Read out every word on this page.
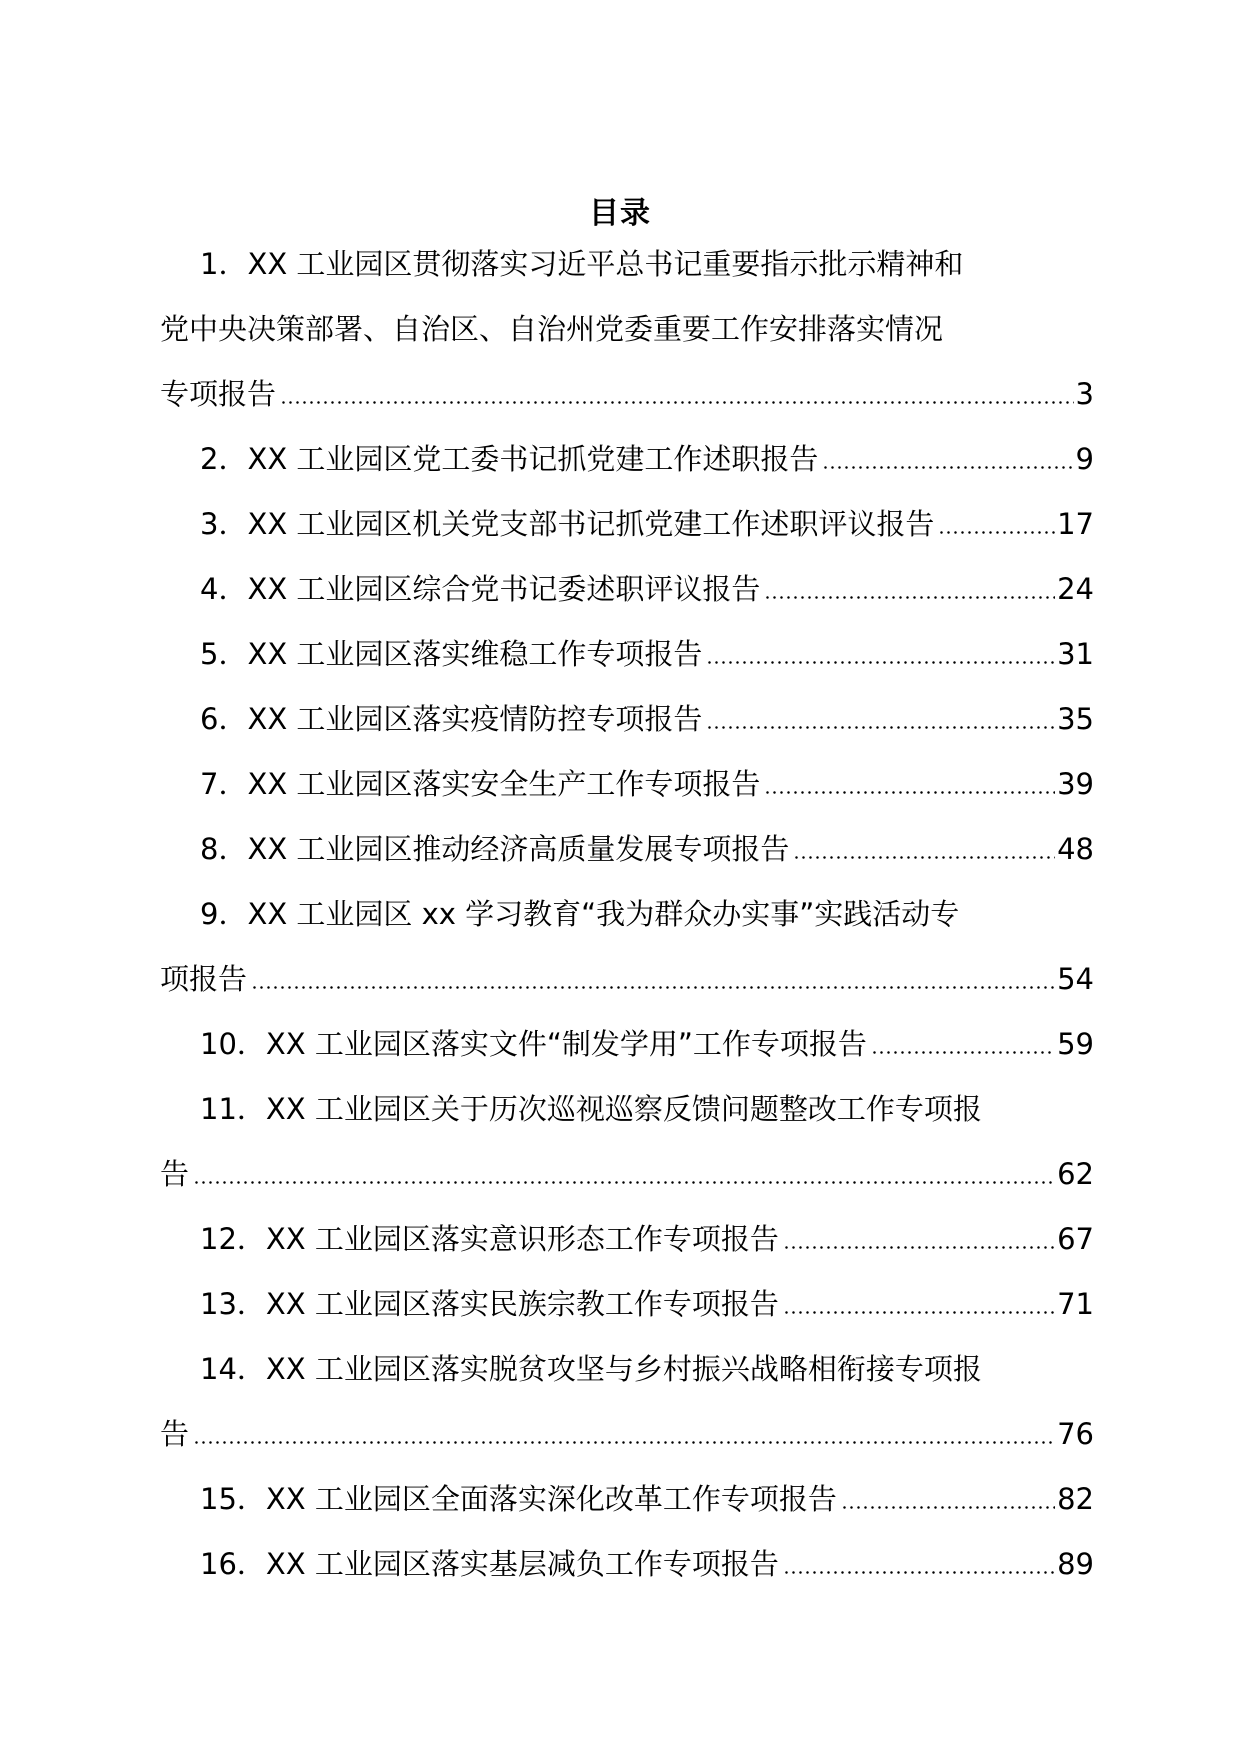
目录
1．XX 工业园区贯彻落实习近平总书记重要指示批示精神和
党中央决策部署、自治区、自治州党委重要工作安排落实情况
专项报告	3
2．XX 工业园区党工委书记抓党建工作述职报告	9
3．XX 工业园区机关党支部书记抓党建工作述职评议报告	17
4．XX 工业园区综合党书记委述职评议报告	24
5．XX 工业园区落实维稳工作专项报告	31
6．XX 工业园区落实疫情防控专项报告	35
7．XX 工业园区落实安全生产工作专项报告	39
8．XX 工业园区推动经济高质量发展专项报告	48
9．XX 工业园区 xx 学习教育“我为群众办实事”实践活动专
项报告	54
10．XX 工业园区落实文件“制发学用”工作专项报告	59
11．XX 工业园区关于历次巡视巡察反馈问题整改工作专项报
告	62
12．XX 工业园区落实意识形态工作专项报告	67
13．XX 工业园区落实民族宗教工作专项报告	71
14．XX 工业园区落实脱贫攻坚与乡村振兴战略相衔接专项报
告	76
15．XX 工业园区全面落实深化改革工作专项报告	82
16．XX 工业园区落实基层减负工作专项报告	89
